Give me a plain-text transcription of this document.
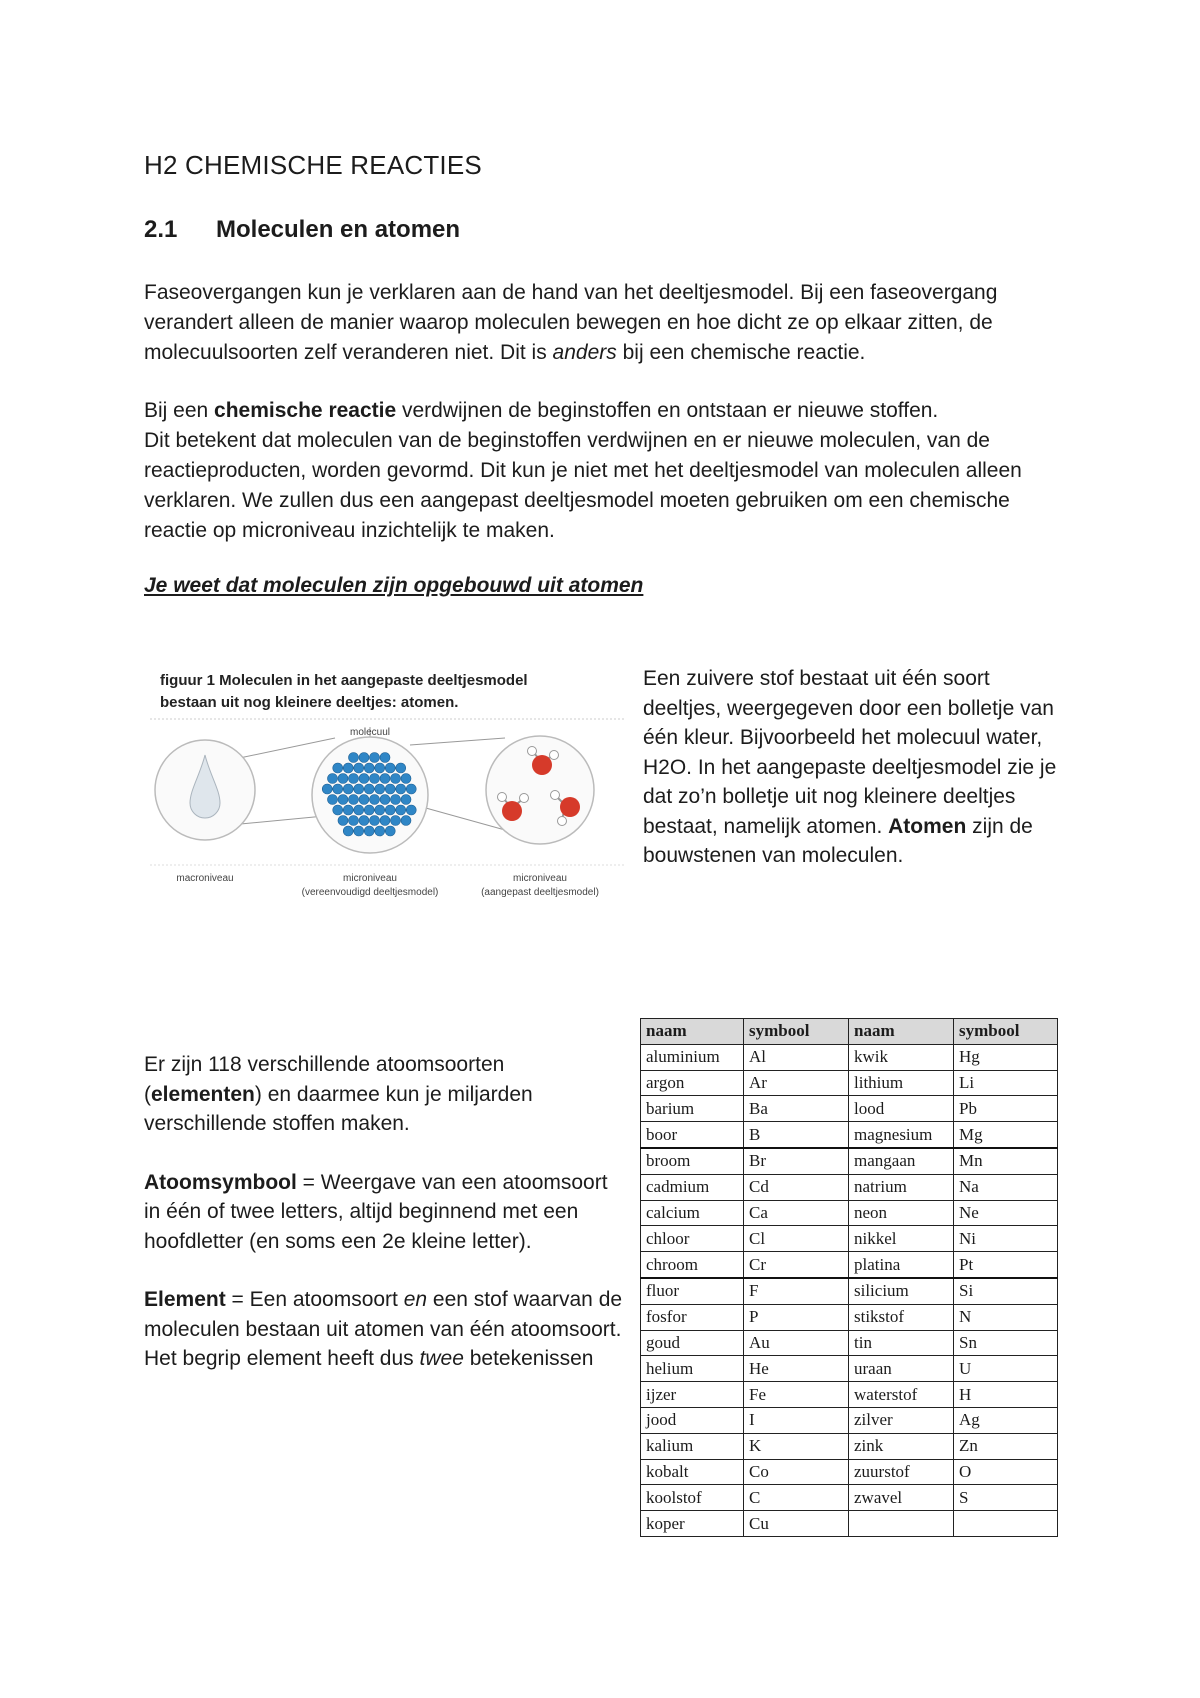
H2 CHEMISCHE REACTIES
2.1 Moleculen en atomen
Faseovergangen kun je verklaren aan de hand van het deeltjesmodel. Bij een faseovergang verandert alleen de manier waarop moleculen bewegen en hoe dicht ze op elkaar zitten, de molecuulsoorten zelf veranderen niet. Dit is anders bij een chemische reactie.
Bij een chemische reactie verdwijnen de beginstoffen en ontstaan er nieuwe stoffen.
Dit betekent dat moleculen van de beginstoffen verdwijnen en er nieuwe moleculen, van de reactieproducten, worden gevormd. Dit kun je niet met het deeltjesmodel van moleculen alleen verklaren. We zullen dus een aangepast deeltjesmodel moeten gebruiken om een chemische reactie op microniveau inzichtelijk te maken.
Je weet dat moleculen zijn opgebouwd uit atomen
figuur 1 Moleculen in het aangepaste deeltjesmodel
bestaan uit nog kleinere deeltjes: atomen.
molecuul
macroniveau	microniveau
(vereenvoudigd deeltjesmodel)
microniveau
(aangepast deeltjesmodel)
Een zuivere stof bestaat uit één soort deeltjes, weergegeven door een bolletje van één kleur. Bijvoorbeeld het molecuul water, H2O. In het aangepaste deeltjesmodel zie je dat zo’n bolletje uit nog kleinere deeltjes bestaat, namelijk atomen. Atomen zijn de bouwstenen van moleculen.

Er zijn 118 verschillende atoomsoorten (elementen) en daarmee kun je miljarden verschillende stoffen maken.

Atoomsymbool = Weergave van een atoomsoort in één of twee letters, altijd beginnend met een hoofdletter (en soms een 2e kleine letter).

Element = Een atoomsoort en een stof waarvan de moleculen bestaan uit atomen van één atoomsoort.
Het begrip element heeft dus twee betekenissen

naam	symbool	naam	symbool
aluminium	Al	kwik	Hg
argon	Ar	lithium	Li
barium	Ba	lood	Pb
boor	B	magnesium	Mg
broom	Br	mangaan	Mn
cadmium	Cd	natrium	Na
calcium	Ca	neon	Ne
chloor	Cl	nikkel	Ni
chroom	Cr	platina	Pt
fluor	F	silicium	Si
fosfor	P	stikstof	N
goud	Au	tin	Sn
helium	He	uraan	U
ijzer	Fe	waterstof	H
jood	I	zilver	Ag
kalium	K	zink	Zn
kobalt	Co	zuurstof	O
koolstof	C	zwavel	S
koper	Cu		
